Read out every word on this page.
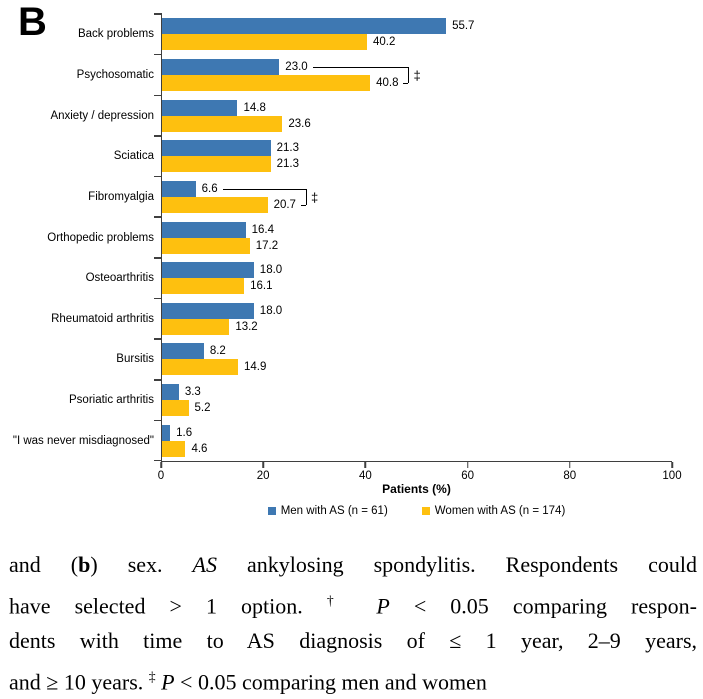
B	Back problems
55.7
40.2
Psychosomatic
23.0
40.8 ‡
Anxiety / depression
14.8
23.6
Sciatica
21.3
21.3
Fibromyalgia
6.6
20.7 ‡
Orthopedic problems
16.4
17.2
Osteoarthritis
18.0
16.1
Rheumatoid arthritis
18.0
13.2
Bursitis
8.2
14.9
Psoriatic arthritis
3.3
5.2
"I was never misdiagnosed"
1.6
4.6
0	20	40	60	80	100
Patients (%)
Men with AS (n = 61)	Women with AS (n = 174)
and (b) sex. AS ankylosing spondylitis. Respondents could
have selected > 1 option. † P < 0.05 comparing respon-
dents with time to AS diagnosis of ≤ 1 year, 2–9 years,
and ≥ 10 years. ‡ P < 0.05 comparing men and women
